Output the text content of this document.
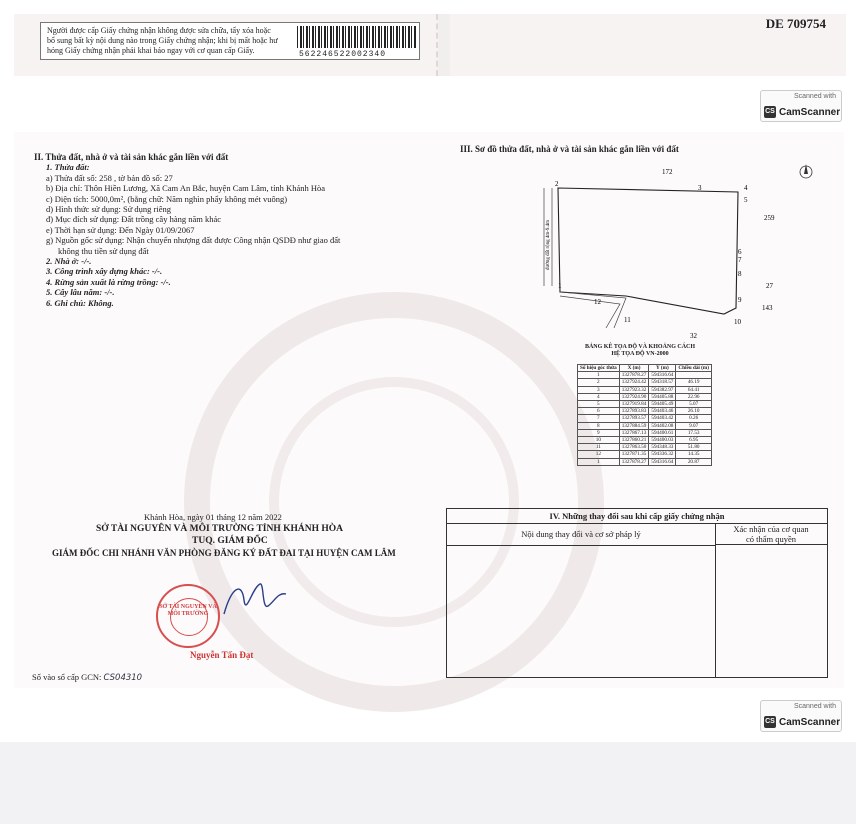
Người được cấp Giấy chứng nhận không được sửa chữa, tẩy xóa hoặc bổ sung bất kỳ nội dung nào trong Giấy chứng nhận; khi bị mất hoặc hư hỏng Giấy chứng nhận phải khai báo ngay với cơ quan cấp Giấy.	562246522002340
DE 709754
Scanned with
CS CamScanner
II. Thửa đất, nhà ở và tài sản khác gắn liền với đất
1. Thửa đất:
a) Thửa đất số: 258 , tờ bản đồ số: 27
b) Địa chỉ: Thôn Hiền Lương, Xã Cam An Bắc, huyện Cam Lâm, tỉnh Khánh Hòa
c) Diện tích: 5000,0m², (bằng chữ: Năm nghìn phẩy không mét vuông)
d) Hình thức sử dụng: Sử dụng riêng
đ) Mục đích sử dụng: Đất trồng cây hàng năm khác
e) Thời hạn sử dụng: Đến Ngày 01/09/2067
g) Nguồn gốc sử dụng: Nhận chuyển nhượng đất được Công nhận QSDĐ như giao đất
không thu tiền sử dụng đất
2. Nhà ở: -/-.
3. Công trình xây dựng khác: -/-.
4. Rừng sản xuất là rừng trồng: -/-.
5. Cây lâu năm: -/-.
6. Ghi chú: Không.
III. Sơ đồ thửa đất, nhà ở và tài sản khác gắn liền với đất
2	3	4
5
6
7
8
9
10
11
12
1
172
259
27
143
32
đường đất rộng 4m-9.4m
BẢNG KÊ TỌA ĐỘ VÀ KHOẢNG CÁCH
HỆ TỌA ĐỘ VN-2000
Số hiệu góc thửa	X (m)	Y (m)	Chiều dài (m)
1	1327878.27	594316.64	
2	1327924.42	594318.57	46.19
3	1327923.32	594382.97	64.41
4	1327924.90	594405.88	22.96
5	1327919.84	594405.49	5.07
6	1327893.83	594403.46	26.10
7	1327893.57	594403.42	0.26
8	1327884.59	594402.08	9.07
9	1327867.13	594400.61	17.53
10	1327860.21	594400.03	6.95
11	1327863.50	594348.33	51.80
12	1327871.35	594336.32	14.35
1	1327878.27	594316.64	20.87
Khánh Hòa, ngày 01 tháng 12 năm 2022
SỞ TÀI NGUYÊN VÀ MÔI TRƯỜNG TỈNH KHÁNH HÒA
TUQ. GIÁM ĐỐC
GIÁM ĐỐC CHI NHÁNH VĂN PHÒNG ĐĂNG KÝ ĐẤT ĐAI TẠI HUYỆN CAM LÂM
SỞ TÀI NGUYÊN VÀ MÔI TRƯỜNG
Nguyễn Tấn Đạt
Số vào sổ cấp GCN: CS04310
IV. Những thay đổi sau khi cấp giấy chứng nhận
Nội dung thay đổi và cơ sở pháp lý	Xác nhận của cơ quan
có thẩm quyền
Scanned with
CS CamScanner
